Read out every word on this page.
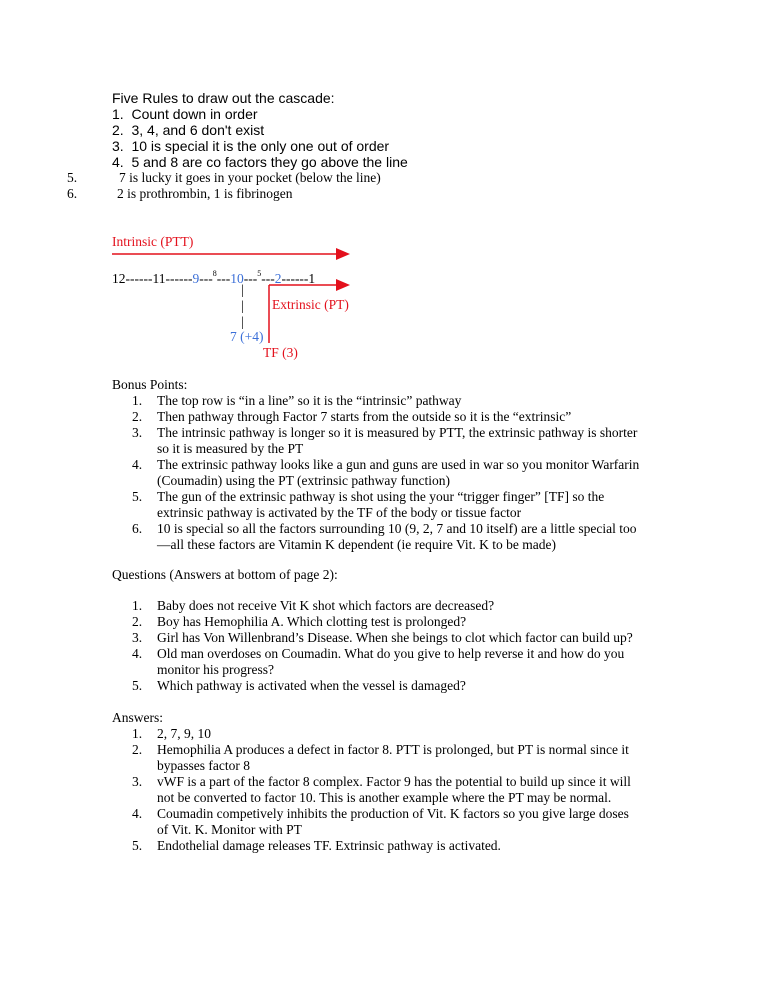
Five Rules to draw out the cascade:
1. Count down in order
2. 3, 4, and 6 don't exist
3. 10 is special it is the only one out of order
4. 5 and 8 are co factors they go above the line
5.	7 is lucky it goes in your pocket (below the line)
6.	2 is prothrombin, 1 is fibrinogen
Intrinsic (PTT)
12------11------9---$^8$---10---$^5$---2------1
|
|
|
Extrinsic (PT)
7 (+4)
TF (3)
Bonus Points:
1. The top row is “in a line” so it is the “intrinsic” pathway
2. Then pathway through Factor 7 starts from the outside so it is the “extrinsic”
3. The intrinsic pathway is longer so it is measured by PTT, the extrinsic pathway is shorter
so it is measured by the PT
4. The extrinsic pathway looks like a gun and guns are used in war so you monitor Warfarin
(Coumadin) using the PT (extrinsic pathway function)
5. The gun of the extrinsic pathway is shot using the your “trigger finger” [TF] so the
extrinsic pathway is activated by the TF of the body or tissue factor
6. 10 is special so all the factors surrounding 10 (9, 2, 7 and 10 itself) are a little special too
—all these factors are Vitamin K dependent (ie require Vit. K to be made)
Questions (Answers at bottom of page 2):
1. Baby does not receive Vit K shot which factors are decreased?
2. Boy has Hemophilia A. Which clotting test is prolonged?
3. Girl has Von Willenbrand’s Disease. When she beings to clot which factor can build up?
4. Old man overdoses on Coumadin. What do you give to help reverse it and how do you
monitor his progress?
5. Which pathway is activated when the vessel is damaged?
Answers:
1. 2, 7, 9, 10
2. Hemophilia A produces a defect in factor 8. PTT is prolonged, but PT is normal since it
bypasses factor 8
3. vWF is a part of the factor 8 complex. Factor 9 has the potential to build up since it will
not be converted to factor 10. This is another example where the PT may be normal.
4. Coumadin competively inhibits the production of Vit. K factors so you give large doses
of Vit. K. Monitor with PT
5. Endothelial damage releases TF. Extrinsic pathway is activated.
